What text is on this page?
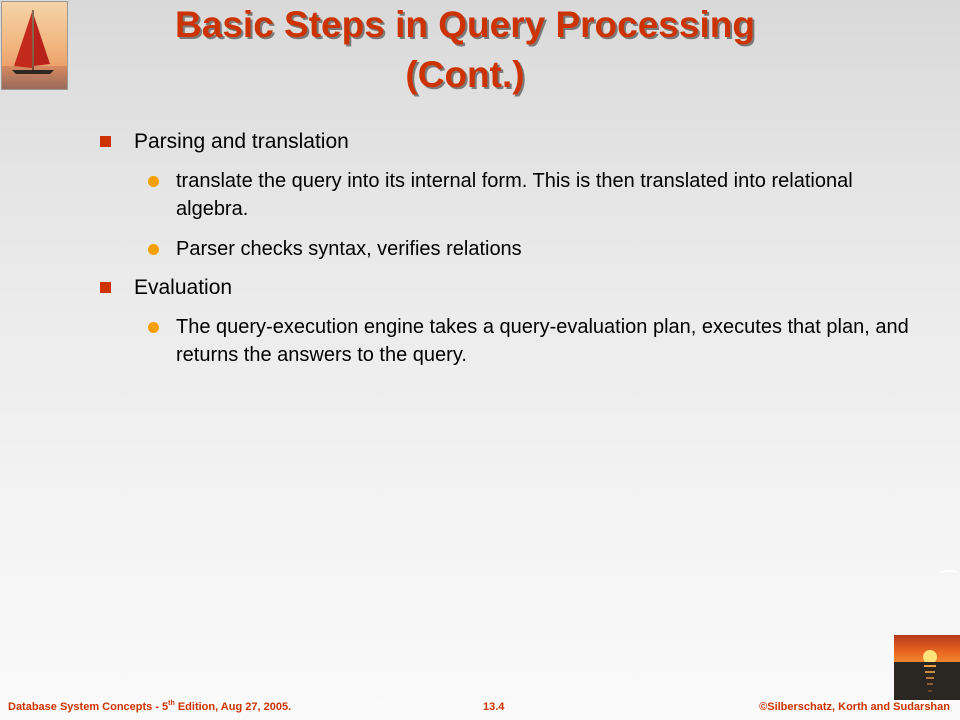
Basic Steps in Query Processing
(Cont.)
Parsing and translation
translate the query into its internal form. This is then translated into relational algebra.
Parser checks syntax, verifies relations
Evaluation
The query-execution engine takes a query-evaluation plan, executes that plan, and returns the answers to the query.
Database System Concepts - 5th Edition, Aug 27, 2005.	13.4	©Silberschatz, Korth and Sudarshan
